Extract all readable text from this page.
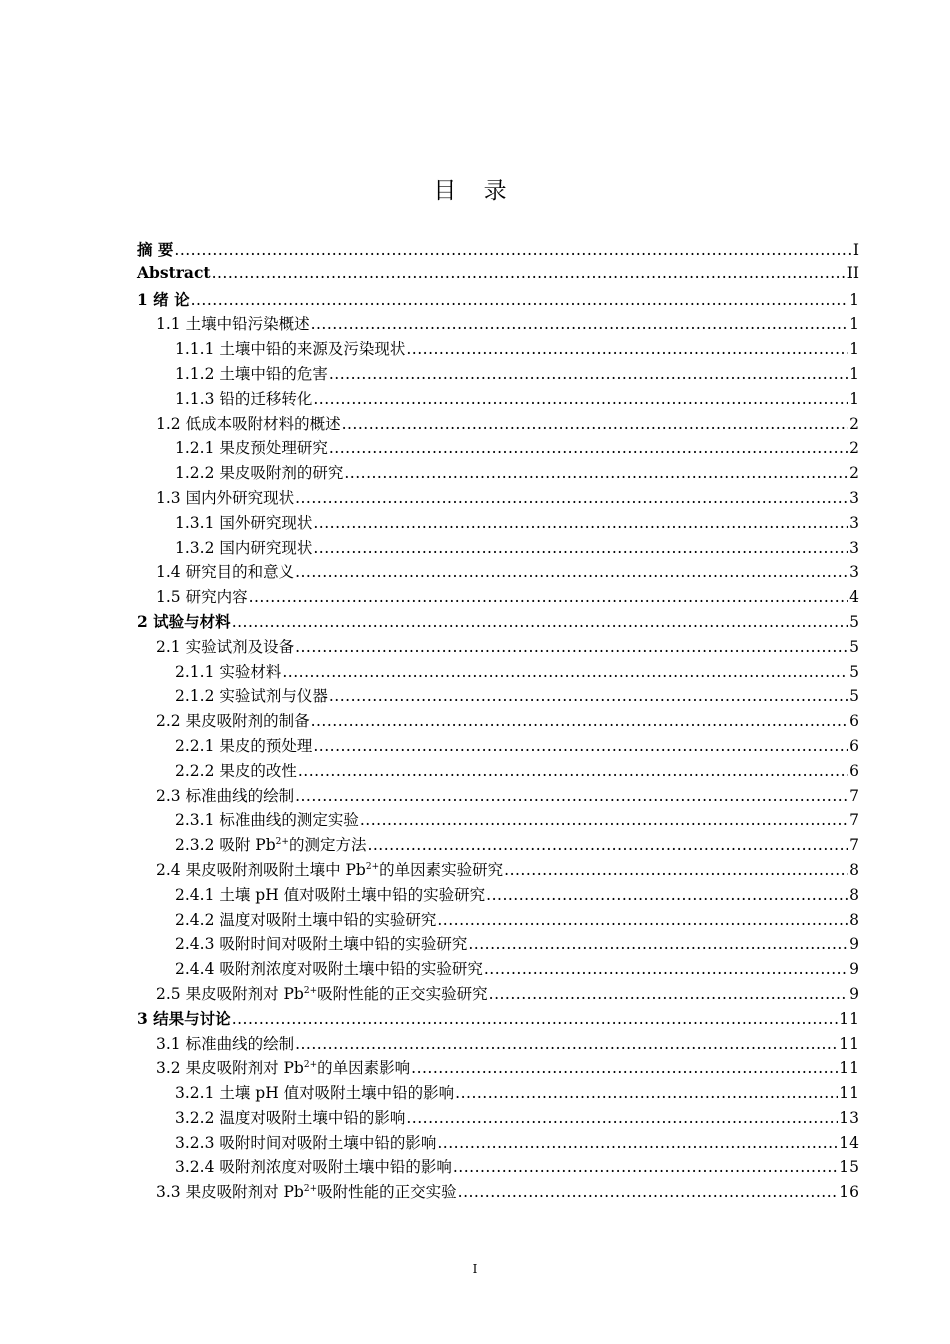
目 录
摘 要 .....	I
Abstract .....	II
1 绪 论 .....	1
1.1 土壤中铅污染概述 .....	1
1.1.1 土壤中铅的来源及污染现状 .....	1
1.1.2 土壤中铅的危害 .....	1
1.1.3 铅的迁移转化 .....	1
1.2 低成本吸附材料的概述 .....	2
1.2.1 果皮预处理研究 .....	2
1.2.2 果皮吸附剂的研究 .....	2
1.3 国内外研究现状 .....	3
1.3.1 国外研究现状 .....	3
1.3.2 国内研究现状 .....	3
1.4 研究目的和意义 .....	3
1.5 研究内容 .....	4
2 试验与材料 .....	5
2.1 实验试剂及设备 .....	5
2.1.1 实验材料 .....	5
2.1.2 实验试剂与仪器 .....	5
2.2 果皮吸附剂的制备 .....	6
2.2.1 果皮的预处理 .....	6
2.2.2 果皮的改性 .....	6
2.3 标准曲线的绘制 .....	7
2.3.1 标准曲线的测定实验 .....	7
2.3.2 吸附 $Pb^{2+}$的测定方法 .....	7
2.4 果皮吸附剂吸附土壤中 $Pb^{2+}$的单因素实验研究 .....	8
2.4.1 土壤 pH 值对吸附土壤中铅的实验研究 .....	8
2.4.2 温度对吸附土壤中铅的实验研究 .....	8
2.4.3 吸附时间对吸附土壤中铅的实验研究 .....	9
2.4.4 吸附剂浓度对吸附土壤中铅的实验研究 .....	9
2.5 果皮吸附剂对 $Pb^{2+}$吸附性能的正交实验研究 .....	9
3 结果与讨论 .....	11
3.1 标准曲线的绘制 .....	11
3.2 果皮吸附剂对 $Pb^{2+}$的单因素影响 .....	11
3.2.1 土壤 pH 值对吸附土壤中铅的影响 .....	11
3.2.2 温度对吸附土壤中铅的影响 .....	13
3.2.3 吸附时间对吸附土壤中铅的影响 .....	14
3.2.4 吸附剂浓度对吸附土壤中铅的影响 .....	15
3.3 果皮吸附剂对 $Pb^{2+}$吸附性能的正交实验 .....	16
I
